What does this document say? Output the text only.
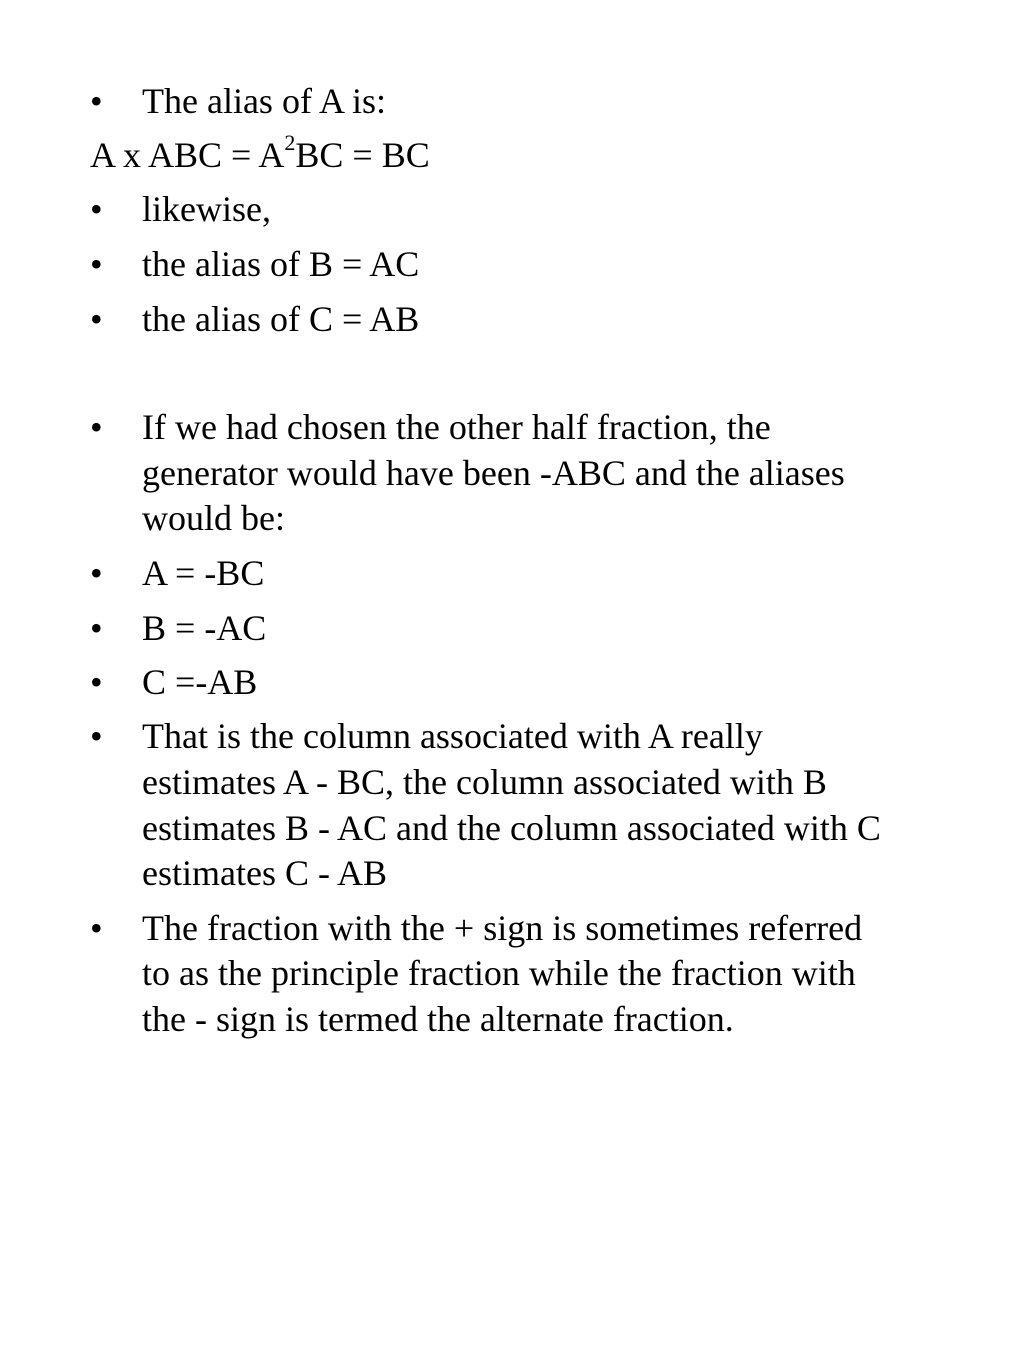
•	The alias of A is:
A x ABC = $A^2BC$ = BC
•	likewise,
•	the alias of B = AC
•	the alias of C = AB
•	If we had chosen the other half fraction, the
generator would have been -ABC and the aliases
would be:
•	A = -BC
•	B = -AC
•	C =-AB
•	That is the column associated with A really
estimates A - BC, the column associated with B
estimates B - AC and the column associated with C
estimates C - AB
•	The fraction with the + sign is sometimes referred
to as the principle fraction while the fraction with
the - sign is termed the alternate fraction.
